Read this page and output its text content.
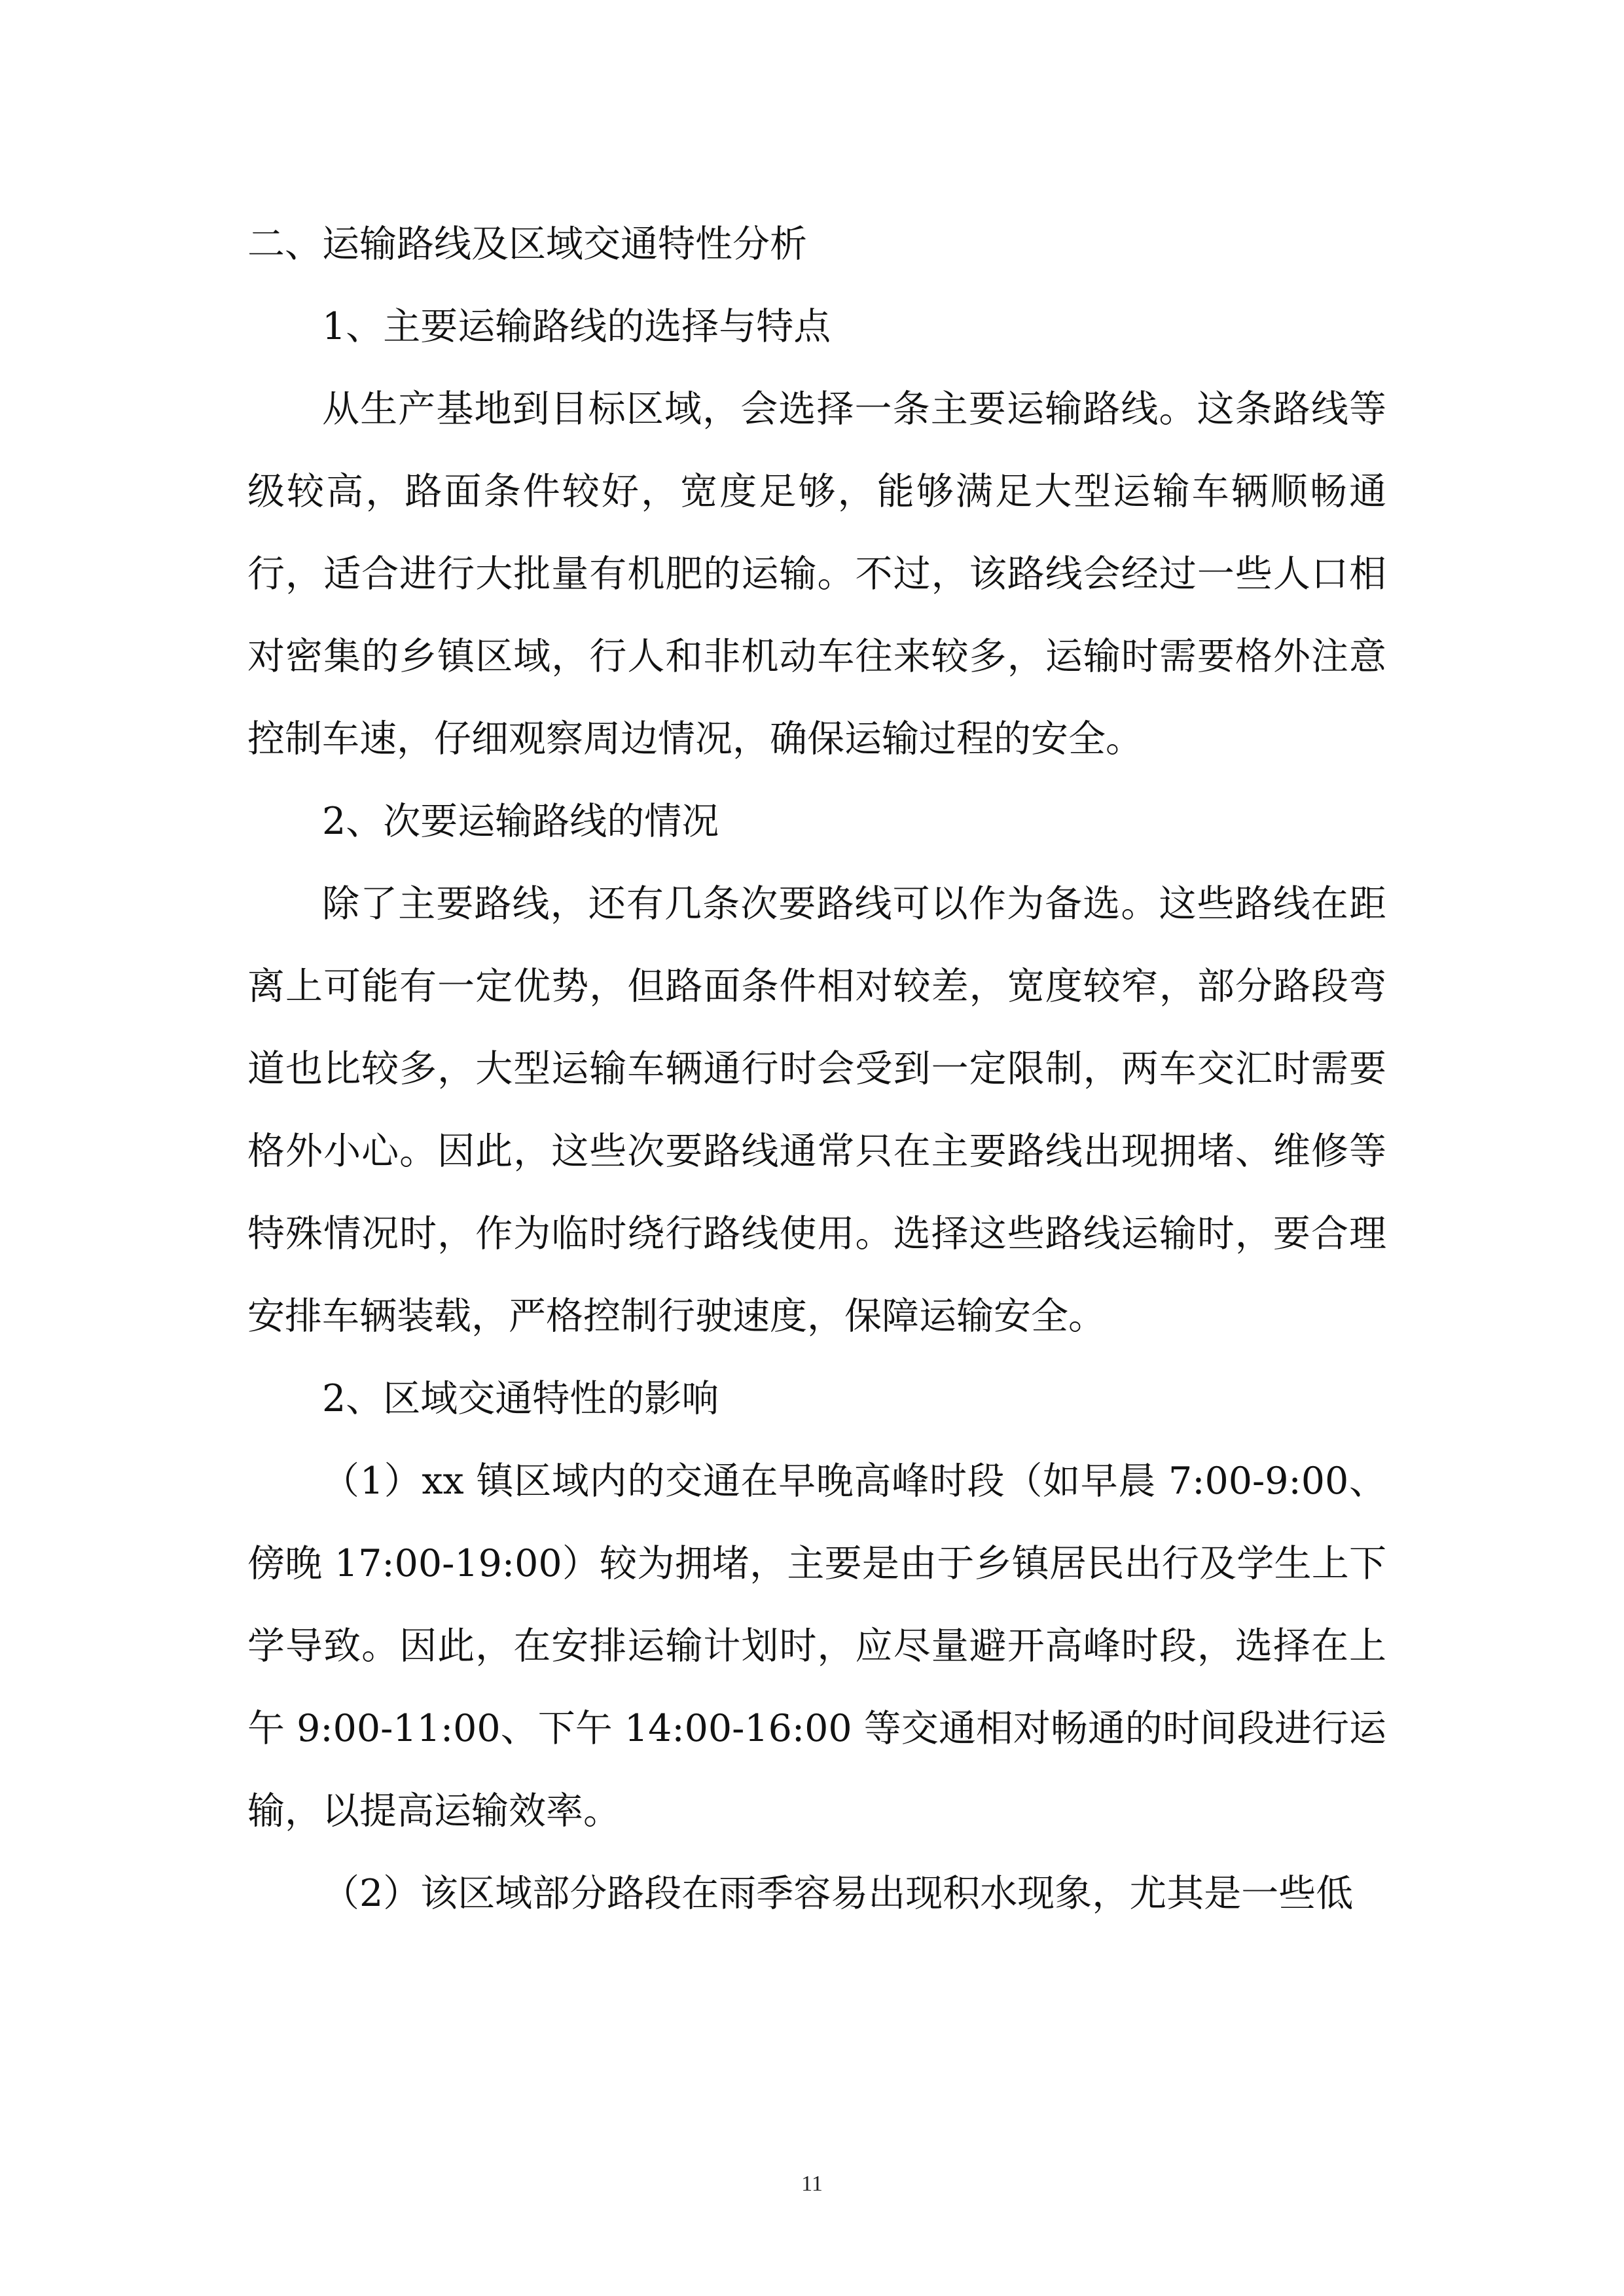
二、运输路线及区域交通特性分析
1、主要运输路线的选择与特点

从生产基地到目标区域，会选择一条主要运输路线。这条路线等级较高，路面条件较好，宽度足够，能够满足大型运输车辆顺畅通行，适合进行大批量有机肥的运输。不过，该路线会经过一些人口相对密集的乡镇区域，行人和非机动车往来较多，运输时需要格外注意控制车速，仔细观察周边情况，确保运输过程的安全。

2、次要运输路线的情况

除了主要路线，还有几条次要路线可以作为备选。这些路线在距离上可能有一定优势，但路面条件相对较差，宽度较窄，部分路段弯道也比较多，大型运输车辆通行时会受到一定限制，两车交汇时需要格外小心。因此，这些次要路线通常只在主要路线出现拥堵、维修等特殊情况时，作为临时绕行路线使用。选择这些路线运输时，要合理安排车辆装载，严格控制行驶速度，保障运输安全。

2、区域交通特性的影响

（1）xx 镇区域内的交通在早晚高峰时段（如早晨 7:00-9:00、傍晚 17:00-19:00）较为拥堵，主要是由于乡镇居民出行及学生上下学导致。因此，在安排运输计划时，应尽量避开高峰时段，选择在上午 9:00-11:00、下午 14:00-16:00 等交通相对畅通的时间段进行运输，以提高运输效率。

（2）该区域部分路段在雨季容易出现积水现象，尤其是一些低

11
